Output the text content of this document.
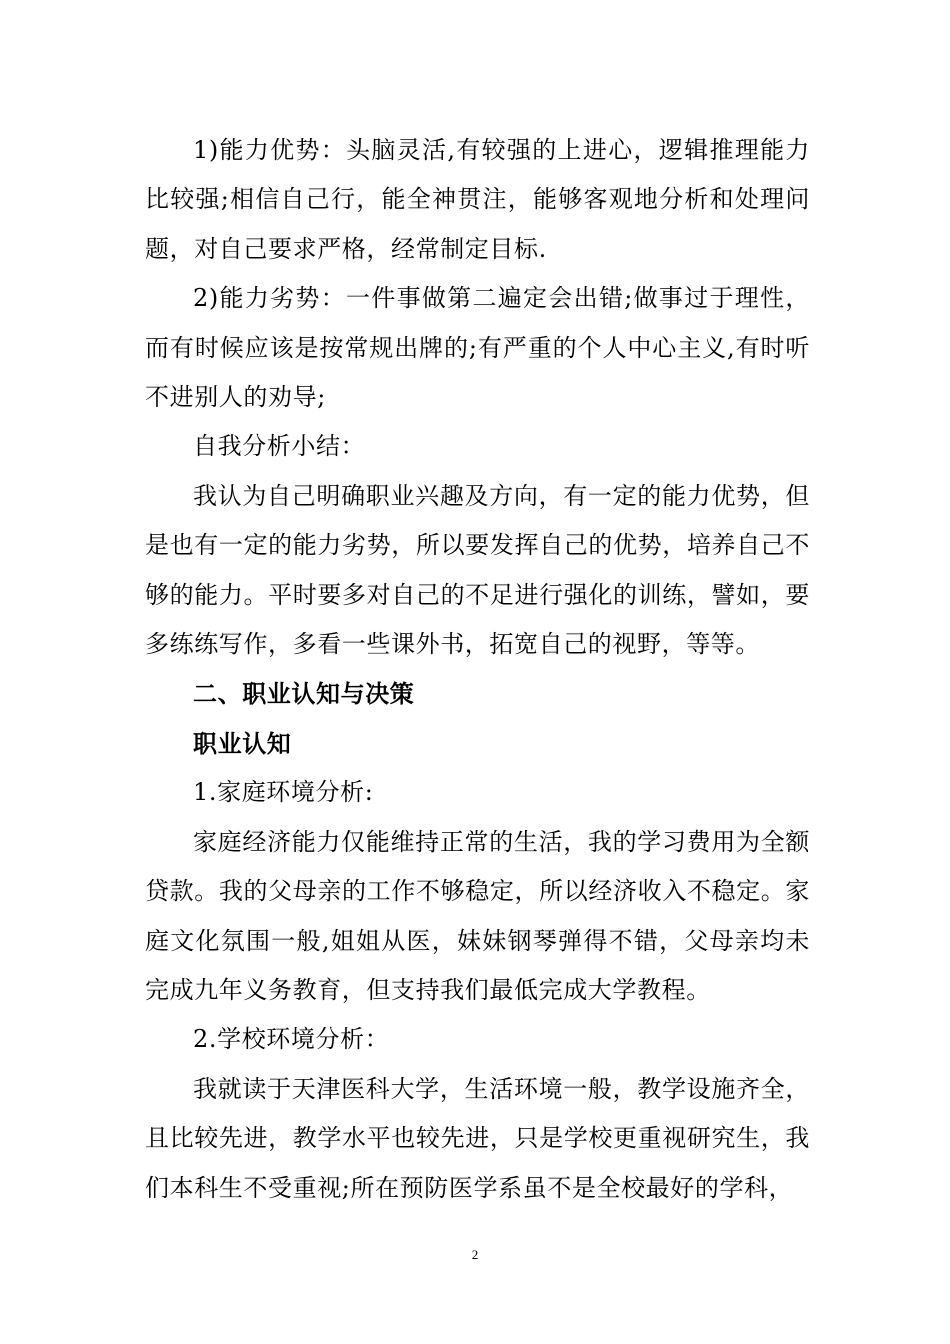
1)能力优势：头脑灵活,有较强的上进心，逻辑推理能力比较强;相信自己行，能全神贯注，能够客观地分析和处理问题，对自己要求严格，经常制定目标.

2)能力劣势：一件事做第二遍定会出错;做事过于理性，而有时候应该是按常规出牌的;有严重的个人中心主义,有时听不进别人的劝导;

自我分析小结：

我认为自己明确职业兴趣及方向，有一定的能力优势，但是也有一定的能力劣势，所以要发挥自己的优势，培养自己不够的能力。平时要多对自己的不足进行强化的训练，譬如，要多练练写作，多看一些课外书，拓宽自己的视野，等等。

二、职业认知与决策

职业认知

1.家庭环境分析:

家庭经济能力仅能维持正常的生活，我的学习费用为全额贷款。我的父母亲的工作不够稳定，所以经济收入不稳定。家庭文化氛围一般,姐姐从医，妹妹钢琴弹得不错，父母亲均未完成九年义务教育，但支持我们最低完成大学教程。

2.学校环境分析：

我就读于天津医科大学，生活环境一般，教学设施齐全，且比较先进，教学水平也较先进，只是学校更重视研究生，我们本科生不受重视;所在预防医学系虽不是全校最好的学科，

2
